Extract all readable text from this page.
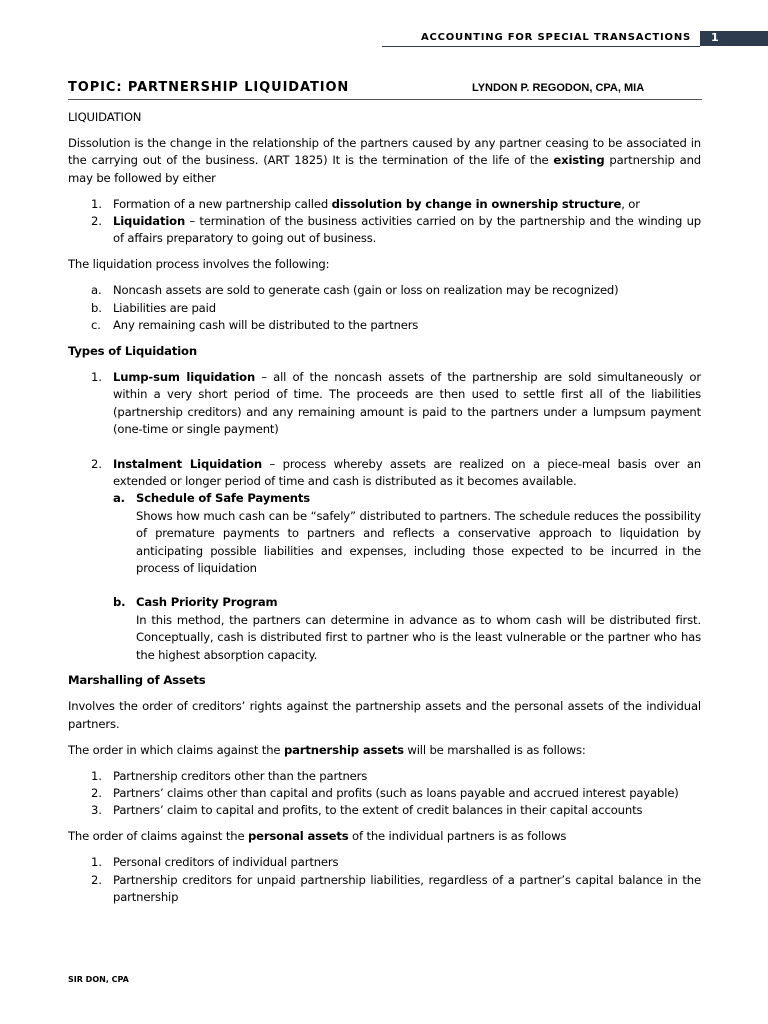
ACCOUNTING FOR SPECIAL TRANSACTIONS 1
TOPIC: PARTNERSHIP LIQUIDATION	LYNDON P. REGODON, CPA, MIA

LIQUIDATION

Dissolution is the change in the relationship of the partners caused by any partner ceasing to be associated in the carrying out of the business. (ART 1825) It is the termination of the life of the existing partnership and may be followed by either

1. Formation of a new partnership called dissolution by change in ownership structure, or
2. Liquidation – termination of the business activities carried on by the partnership and the winding up of affairs preparatory to going out of business.

The liquidation process involves the following:

a. Noncash assets are sold to generate cash (gain or loss on realization may be recognized)
b. Liabilities are paid
c.	Any remaining cash will be distributed to the partners

Types of Liquidation

1. Lump-sum liquidation – all of the noncash assets of the partnership are sold simultaneously or within a very short period of time. The proceeds are then used to settle first all of the liabilities (partnership creditors) and any remaining amount is paid to the partners under a lumpsum payment (one-time or single payment)
2. Instalment Liquidation – process whereby assets are realized on a piece-meal basis over an extended or longer period of time and cash is distributed as it becomes available.
a. Schedule of Safe Payments
Shows how much cash can be “safely” distributed to partners. The schedule reduces the possibility of premature payments to partners and reflects a conservative approach to liquidation by anticipating possible liabilities and expenses, including those expected to be incurred in the process of liquidation
b. Cash Priority Program
In this method, the partners can determine in advance as to whom cash will be distributed first. Conceptually, cash is distributed first to partner who is the least vulnerable or the partner who has the highest absorption capacity.

Marshalling of Assets

Involves the order of creditors’ rights against the partnership assets and the personal assets of the individual partners.

The order in which claims against the partnership assets will be marshalled is as follows:

1. Partnership creditors other than the partners
2. Partners’ claims other than capital and profits (such as loans payable and accrued interest payable)
3. Partners’ claim to capital and profits, to the extent of credit balances in their capital accounts

The order of claims against the personal assets of the individual partners is as follows

1. Personal creditors of individual partners
2. Partnership creditors for unpaid partnership liabilities, regardless of a partner’s capital balance in the partnership
SIR DON, CPA
